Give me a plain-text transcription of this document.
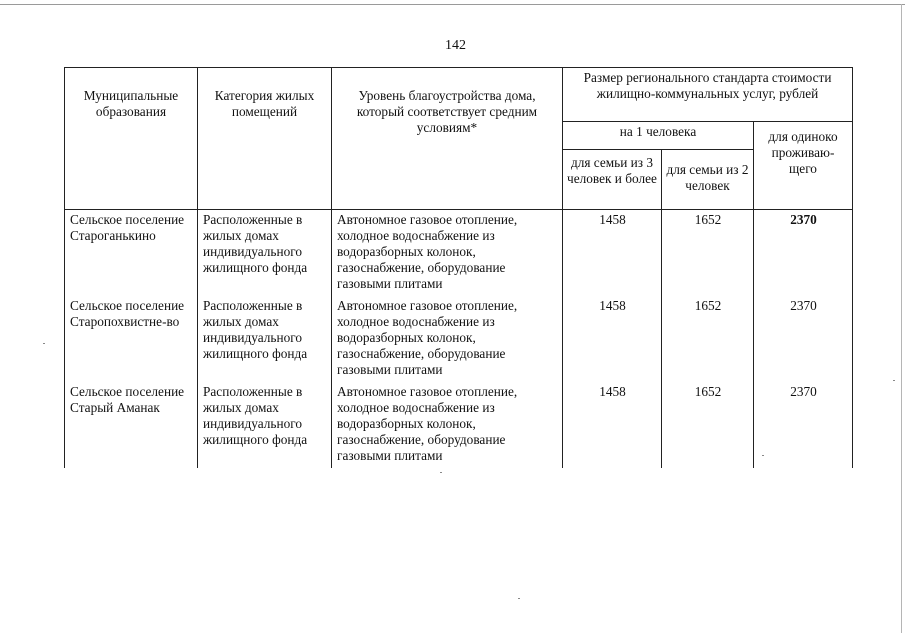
142
Муниципальные образования	Категория жилых помещений	Уровень благоустройства дома, который соответствует средним условиям*	Размер регионального стандарта стоимости жилищно-коммунальных услуг, рублей		
			на 1 человека		для одиноко проживаю-щего
			для семьи из 3 человек и более	для семьи из 2 человек	
Сельское поселение Староганькино	Расположенные в жилых домах индивидуального жилищного фонда	Автономное газовое отопление, холодное водоснабжение из водоразборных колонок, газоснабжение, оборудование газовыми плитами	1458	1652	2370
Сельское поселение Старопохвистне-во	Расположенные в жилых домах индивидуального жилищного фонда	Автономное газовое отопление, холодное водоснабжение из водоразборных колонок, газоснабжение, оборудование газовыми плитами	1458	1652	2370
Сельское поселение Старый Аманак	Расположенные в жилых домах индивидуального жилищного фонда	Автономное газовое отопление, холодное водоснабжение из водоразборных колонок, газоснабжение, оборудование газовыми плитами	1458	1652	2370
